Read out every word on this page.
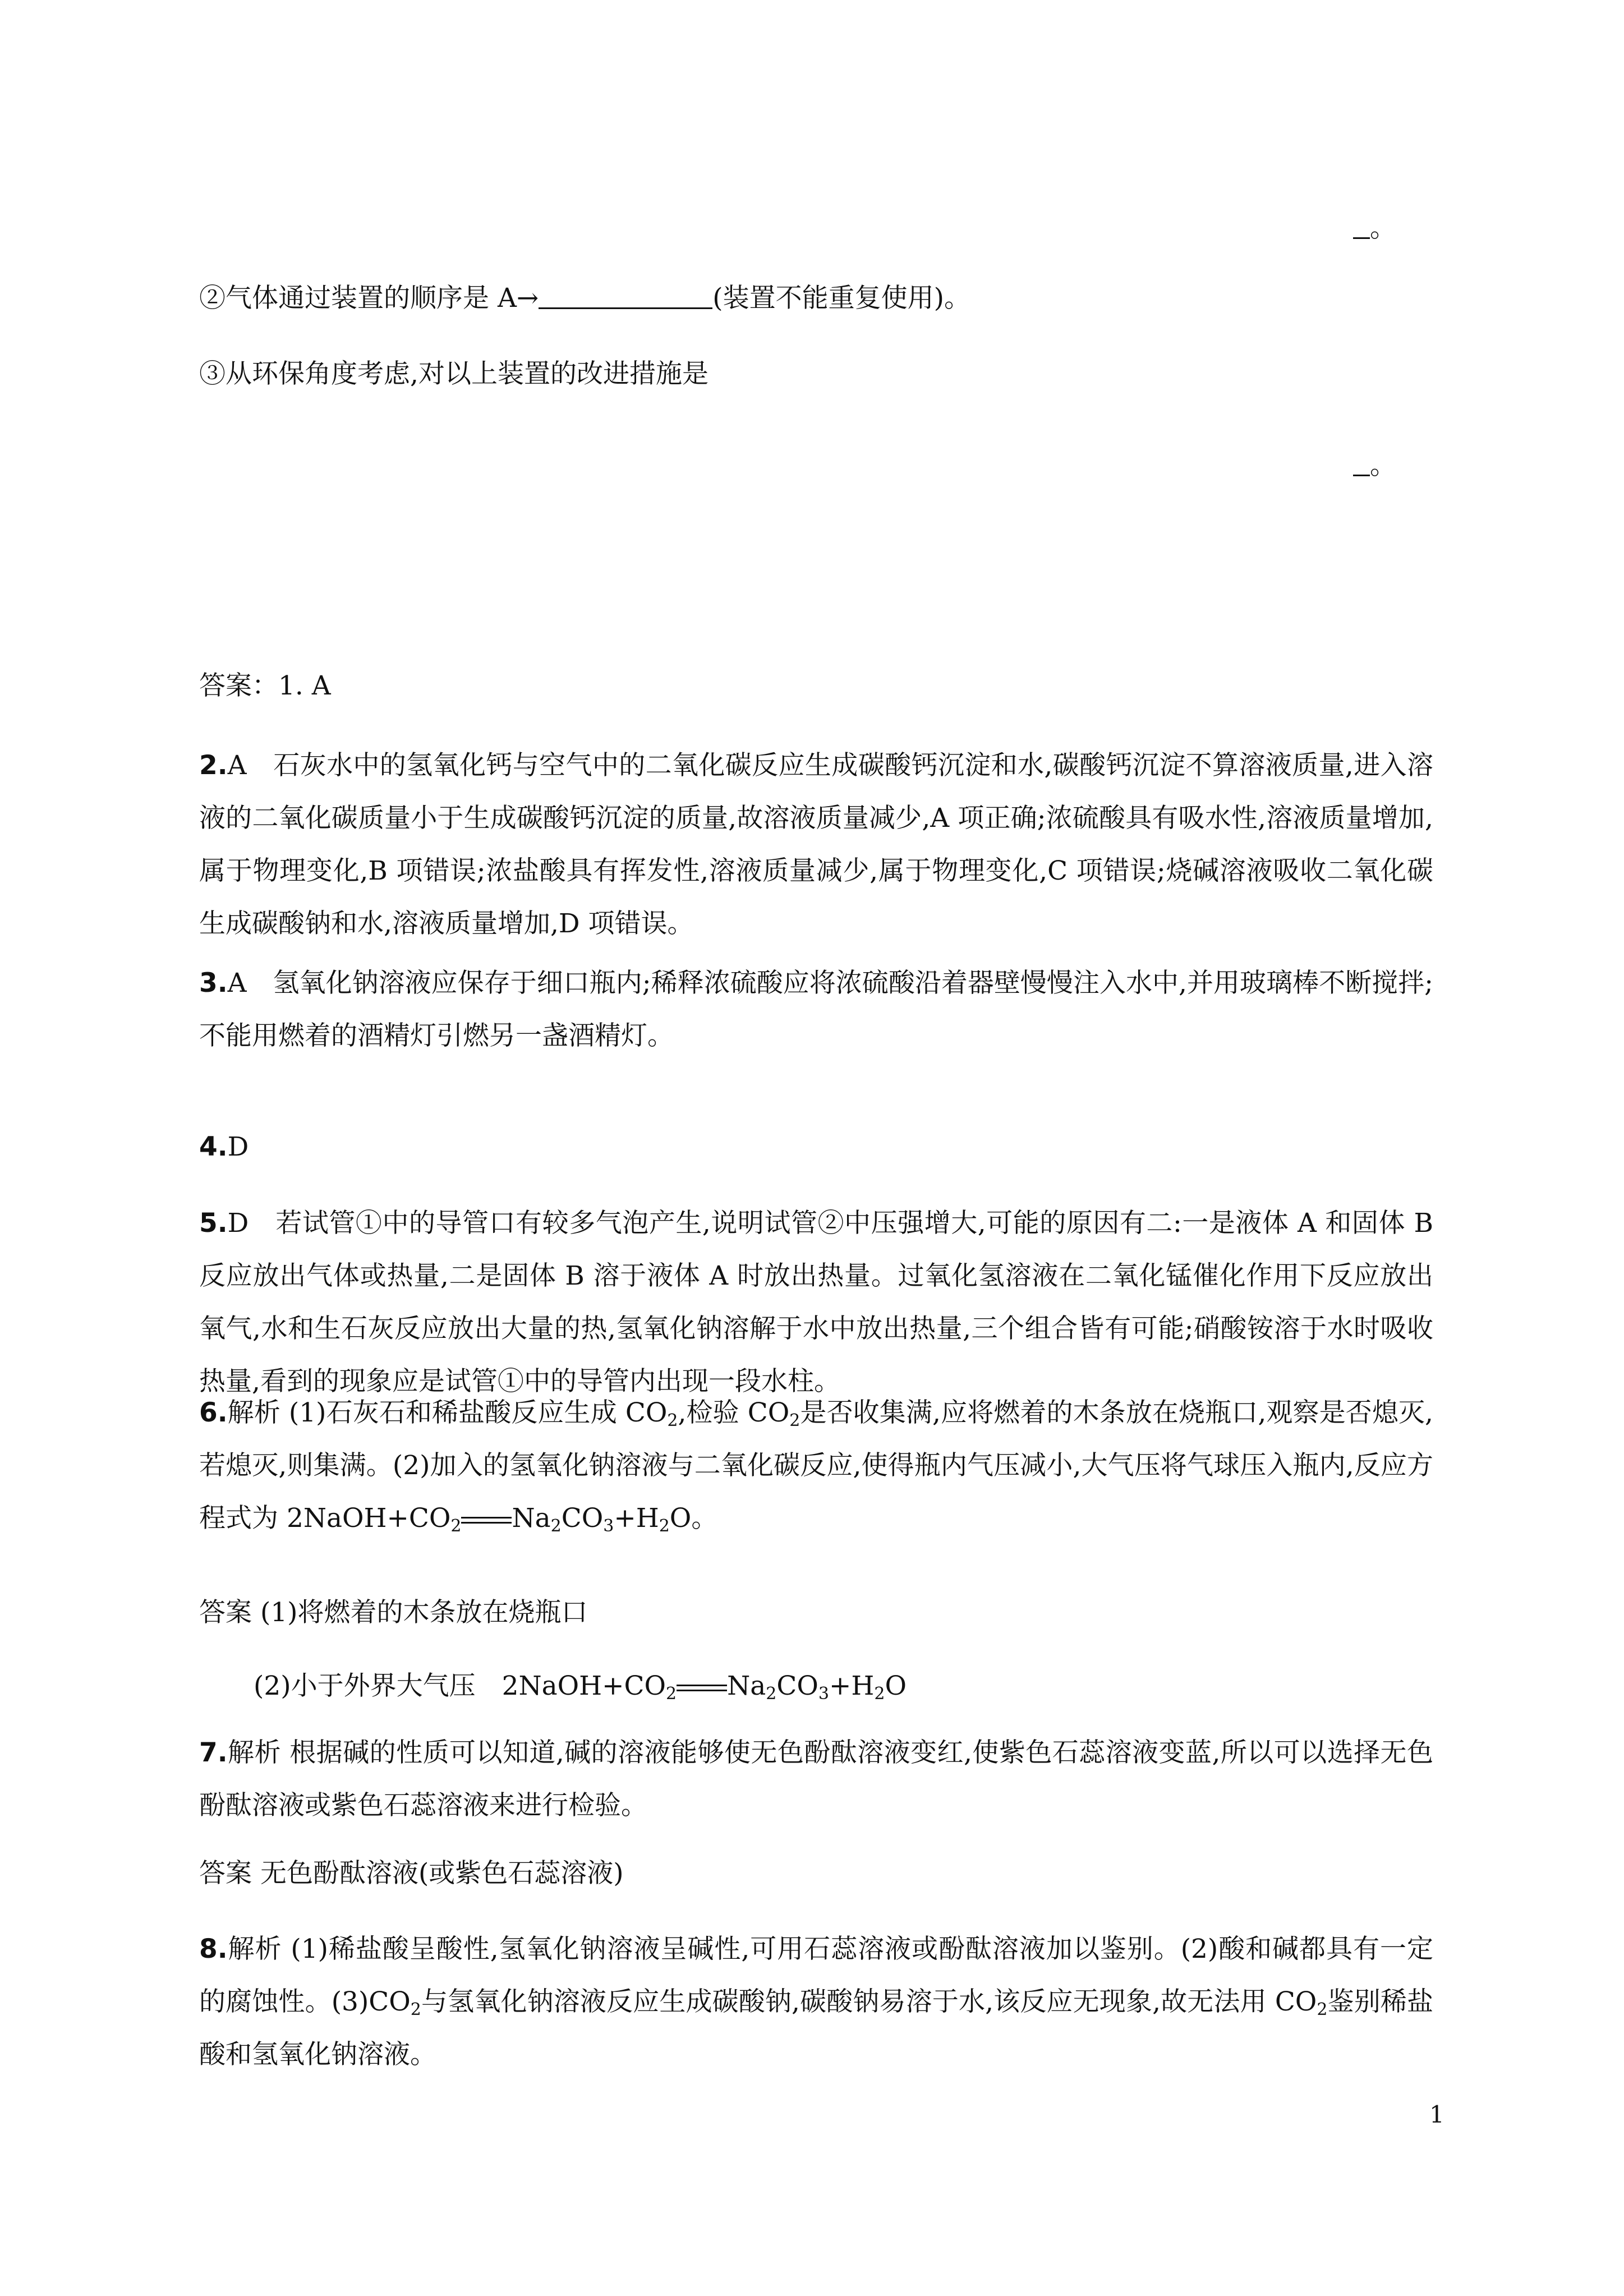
。
②气体通过装置的顺序是 A→	(装置不能重复使用)。
③从环保角度考虑,对以上装置的改进措施是
。
答案：1. A
2.A　石灰水中的氢氧化钙与空气中的二氧化碳反应生成碳酸钙沉淀和水,碳酸钙沉淀不算溶液质量,进入溶液的二氧化碳质量小于生成碳酸钙沉淀的质量,故溶液质量减少,A 项正确;浓硫酸具有吸水性,溶液质量增加,属于物理变化,B 项错误;浓盐酸具有挥发性,溶液质量减少,属于物理变化,C 项错误;烧碱溶液吸收二氧化碳生成碳酸钠和水,溶液质量增加,D 项错误。
3.A　氢氧化钠溶液应保存于细口瓶内;稀释浓硫酸应将浓硫酸沿着器壁慢慢注入水中,并用玻璃棒不断搅拌;不能用燃着的酒精灯引燃另一盏酒精灯。
4.D
5.D　若试管①中的导管口有较多气泡产生,说明试管②中压强增大,可能的原因有二:一是液体 A 和固体 B 反应放出气体或热量,二是固体 B 溶于液体 A 时放出热量。过氧化氢溶液在二氧化锰催化作用下反应放出氧气,水和生石灰反应放出大量的热,氢氧化钠溶解于水中放出热量,三个组合皆有可能;硝酸铵溶于水时吸收热量,看到的现象应是试管①中的导管内出现一段水柱。
6.解析 (1)石灰石和稀盐酸反应生成 $CO_2$,检验 $CO_2$是否收集满,应将燃着的木条放在烧瓶口,观察是否熄灭,若熄灭,则集满。(2)加入的氢氧化钠溶液与二氧化碳反应,使得瓶内气压减小,大气压将气球压入瓶内,反应方程式为 $2NaOH+CO_2$ $Na_2CO_3+H_2O$。
答案 (1)将燃着的木条放在烧瓶口
(2)小于外界大气压　$2NaOH+CO_2$ $Na_2CO_3+H_2O$
7.解析 根据碱的性质可以知道,碱的溶液能够使无色酚酞溶液变红,使紫色石蕊溶液变蓝,所以可以选择无色酚酞溶液或紫色石蕊溶液来进行检验。
答案 无色酚酞溶液(或紫色石蕊溶液)
8.解析 (1)稀盐酸呈酸性,氢氧化钠溶液呈碱性,可用石蕊溶液或酚酞溶液加以鉴别。(2)酸和碱都具有一定的腐蚀性。$(3)CO_2$与氢氧化钠溶液反应生成碳酸钠,碳酸钠易溶于水,该反应无现象,故无法用 $CO_2$鉴别稀盐酸和氢氧化钠溶液。
1
